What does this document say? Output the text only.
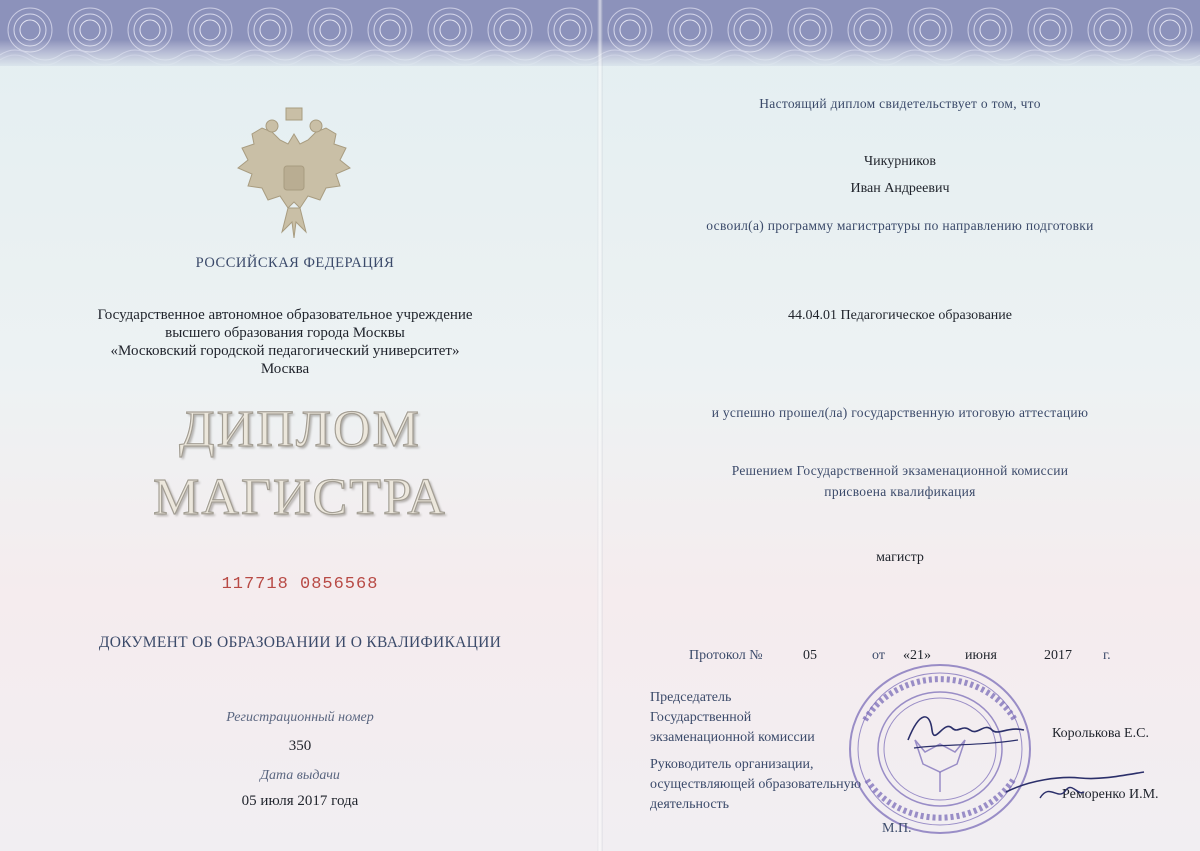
РОССИЙСКАЯ ФЕДЕРАЦИЯ
Государственное автономное образовательное учреждение
высшего образования города Москвы
«Московский городской педагогический университет»
Москва
ДИПЛОМ
МАГИСТРА
117718 0856568
ДОКУМЕНТ ОБ ОБРАЗОВАНИИ И О КВАЛИФИКАЦИИ
Регистрационный номер
350
Дата выдачи
05 июля 2017 года
Настоящий диплом свидетельствует о том, что
Чикурников
Иван Андреевич
освоил(а) программу магистратуры по направлению подготовки
44.04.01 Педагогическое образование
и успешно прошел(ла) государственную итоговую аттестацию
Решением Государственной экзаменационной комиссии
присвоена квалификация
магистр
Протокол №	05	от «21» июня	2017 г.
Председатель
Государственной
экзаменационной комиссии	Королькова Е.С.
Руководитель организации,
осуществляющей образовательную
деятельность
Реморенко И.М.
М.П.
